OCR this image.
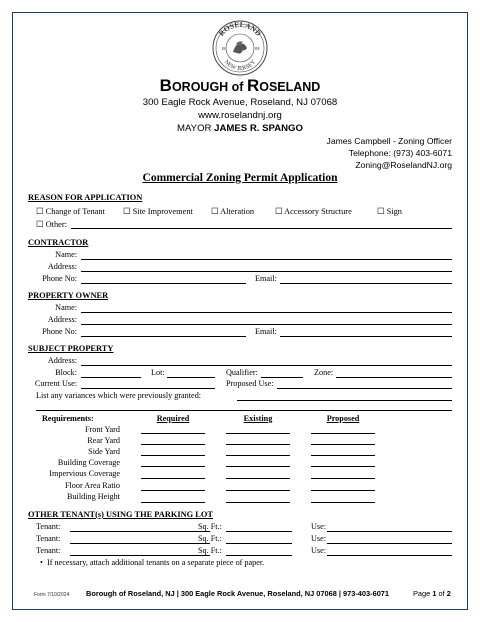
ROSELAND
NEW JERSEY
18	08
BOROUGH of ROSELAND
300 Eagle Rock Avenue, Roseland, NJ 07068
www.roselandnj.org
MAYOR JAMES R. SPANGO
James Campbell - Zoning Officer
Telephone: (973) 403-6071
Zoning@RoselandNJ.org
Commercial Zoning Permit Application
REASON FOR APPLICATION
☐ Change of Tenant ☐ Site Improvement ☐ Alteration ☐ Accessory Structure	☐ Sign
☐ Other:
CONTRACTOR
Name:
Address:
Phone No:	Email:
PROPERTY OWNER
Name:
Address:
Phone No:	Email:
SUBJECT PROPERTY
Address:
Block:	Lot:	Qualifier:	Zone:
Current Use:	Proposed Use:
List any variances which were previously granted:
Requirements:	Required	Existing	Proposed
Front Yard
Rear Yard
Side Yard
Building Coverage
Impervious Coverage
Floor Area Ratio
Building Height
OTHER TENANT(s) USING THE PARKING LOT
Tenant:	Sq. Ft.:	Use:
Tenant:	Sq. Ft.:	Use:
Tenant:	Sq. Ft.:	Use:
• If necessary, attach additional tenants on a separate piece of paper.
Form 7/10/2024 Borough of Roseland, NJ | 300 Eagle Rock Avenue, Roseland, NJ 07068 | 973-403-6071	Page 1 of 2
